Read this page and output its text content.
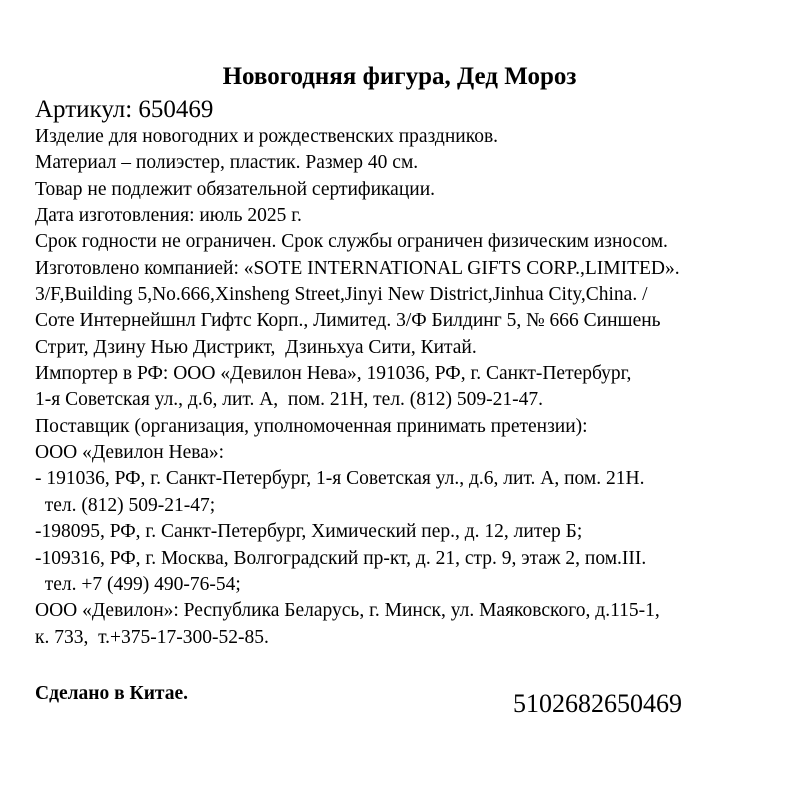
Новогодняя фигура, Дед Мороз
Артикул: 650469
Изделие для новогодних и рождественских праздников.
Материал – полиэстер, пластик. Размер 40 см.
Товар не подлежит обязательной сертификации.
Дата изготовления: июль 2025 г.
Срок годности не ограничен. Срок службы ограничен физическим износом.
Изготовлено компанией: «SOTE INTERNATIONAL GIFTS CORP.,LIMITED».
3/F,Building 5,No.666,Xinsheng Street,Jinyi New District,Jinhua City,China. /
Соте Интернейшнл Гифтс Корп., Лимитед. 3/Ф Билдинг 5, № 666 Синшень
Стрит, Дзину Нью Дистрикт,  Дзиньхуа Сити, Китай.
Импортер в РФ: ООО «Девилон Нева», 191036, РФ, г. Санкт-Петербург,
1-я Советская ул., д.6, лит. А,  пом. 21Н, тел. (812) 509-21-47.
Поставщик (организация, уполномоченная принимать претензии):
ООО «Девилон Нева»:
- 191036, РФ, г. Санкт-Петербург, 1-я Советская ул., д.6, лит. А, пом. 21Н.
тел. (812) 509-21-47;
-198095, РФ, г. Санкт-Петербург, Химический пер., д. 12, литер Б;
-109316, РФ, г. Москва, Волгоградский пр-кт, д. 21, стр. 9, этаж 2, пом.III.
тел. +7 (499) 490-76-54;
ООО «Девилон»: Республика Беларусь, г. Минск, ул. Маяковского, д.115-1,
к. 733,  т.+375-17-300-52-85.
Сделано в Китае.	5102682650469
